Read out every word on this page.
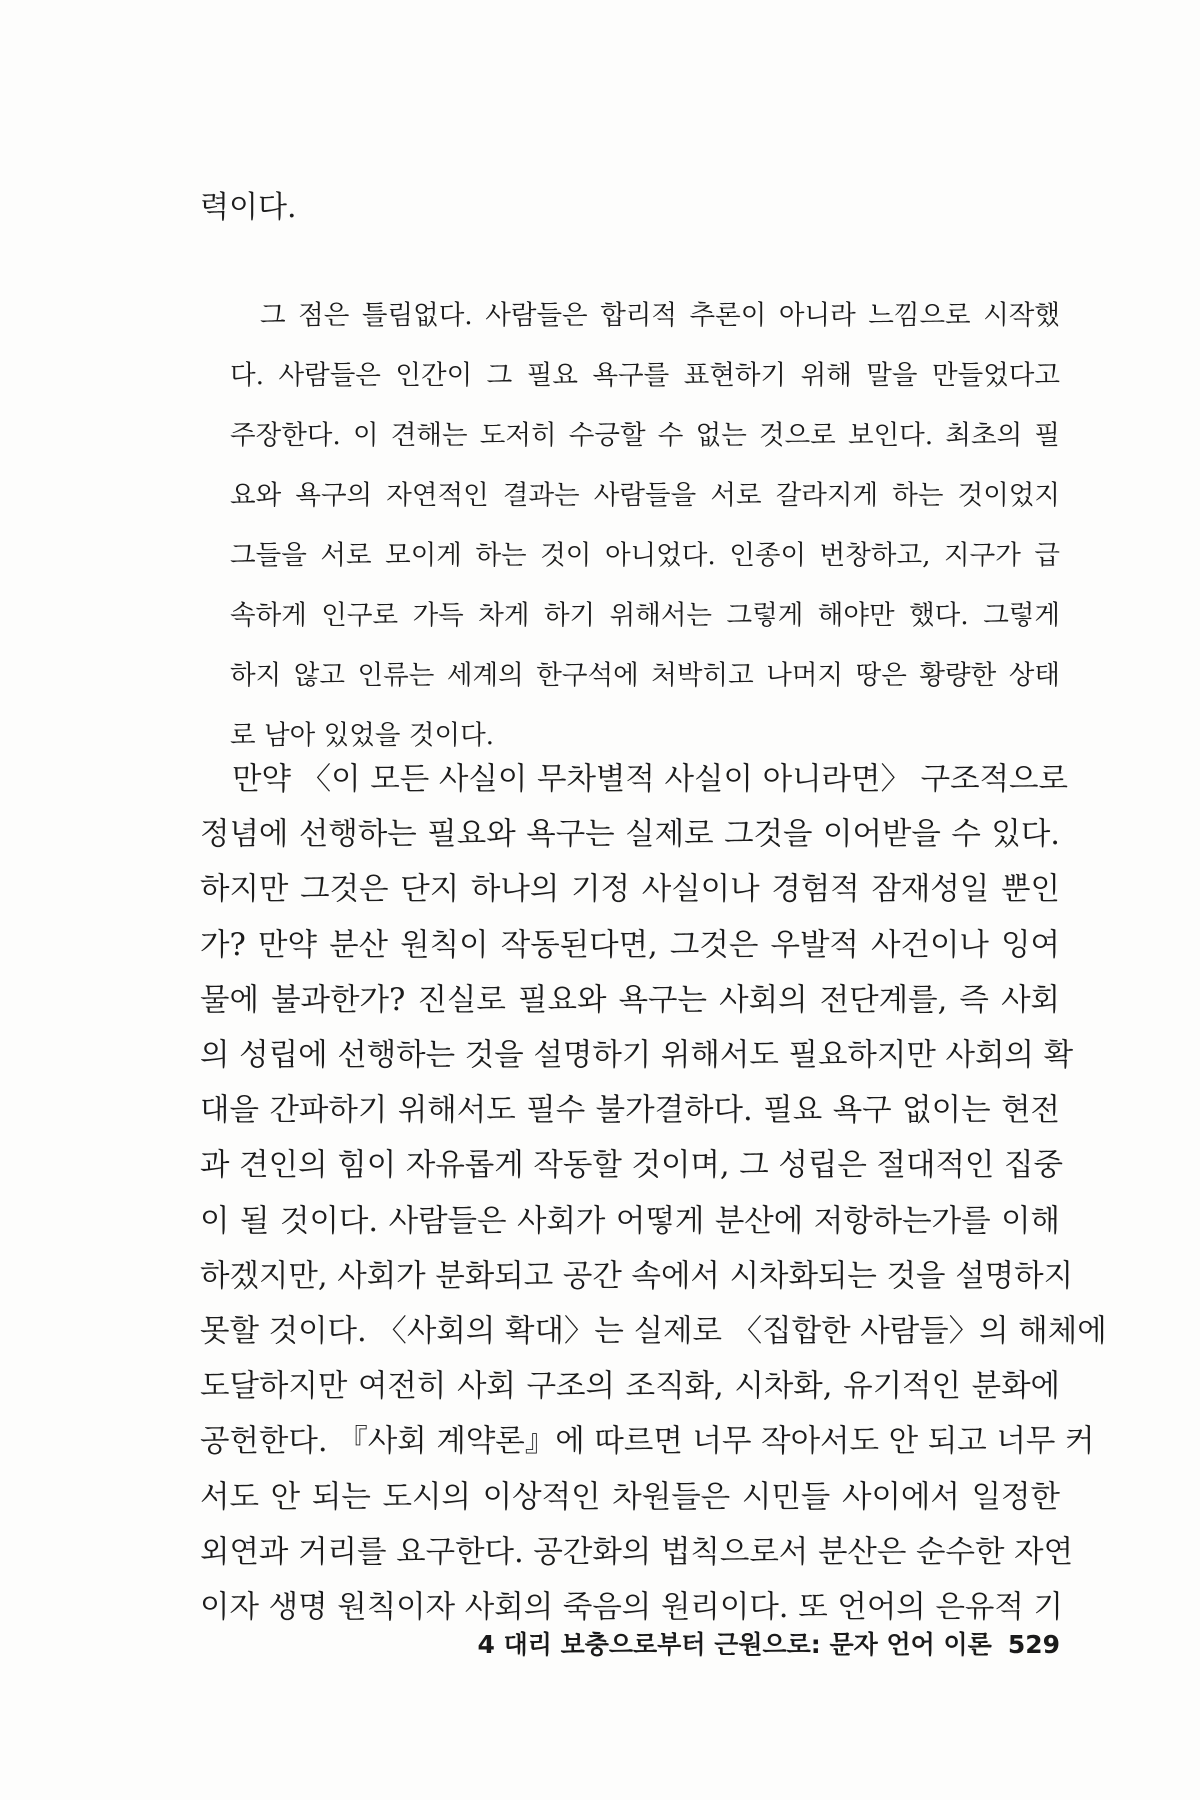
력이다.
그 점은 틀림없다. 사람들은 합리적 추론이 아니라 느낌으로 시작했
다. 사람들은 인간이 그 필요 욕구를 표현하기 위해 말을 만들었다고
주장한다. 이 견해는 도저히 수긍할 수 없는 것으로 보인다. 최초의 필
요와 욕구의 자연적인 결과는 사람들을 서로 갈라지게 하는 것이었지
그들을 서로 모이게 하는 것이 아니었다. 인종이 번창하고, 지구가 급
속하게 인구로 가득 차게 하기 위해서는 그렇게 해야만 했다. 그렇게
하지 않고 인류는 세계의 한구석에 처박히고 나머지 땅은 황량한 상태
로 남아 있었을 것이다.
만약 〈이 모든 사실이 무차별적 사실이 아니라면〉 구조적으로
정념에 선행하는 필요와 욕구는 실제로 그것을 이어받을 수 있다.
하지만 그것은 단지 하나의 기정 사실이나 경험적 잠재성일 뿐인
가? 만약 분산 원칙이 작동된다면, 그것은 우발적 사건이나 잉여
물에 불과한가? 진실로 필요와 욕구는 사회의 전단계를, 즉 사회
의 성립에 선행하는 것을 설명하기 위해서도 필요하지만 사회의 확
대을 간파하기 위해서도 필수 불가결하다. 필요 욕구 없이는 현전
과 견인의 힘이 자유롭게 작동할 것이며, 그 성립은 절대적인 집중
이 될 것이다. 사람들은 사회가 어떻게 분산에 저항하는가를 이해
하겠지만, 사회가 분화되고 공간 속에서 시차화되는 것을 설명하지
못할 것이다. 〈사회의 확대〉는 실제로 〈집합한 사람들〉의 해체에
도달하지만 여전히 사회 구조의 조직화, 시차화, 유기적인 분화에
공헌한다. 『사회 계약론』에 따르면 너무 작아서도 안 되고 너무 커
서도 안 되는 도시의 이상적인 차원들은 시민들 사이에서 일정한
외연과 거리를 요구한다. 공간화의 법칙으로서 분산은 순수한 자연
이자 생명 원칙이자 사회의 죽음의 원리이다. 또 언어의 은유적 기
4 대리 보충으로부터 근원으로: 문자 언어 이론 529
